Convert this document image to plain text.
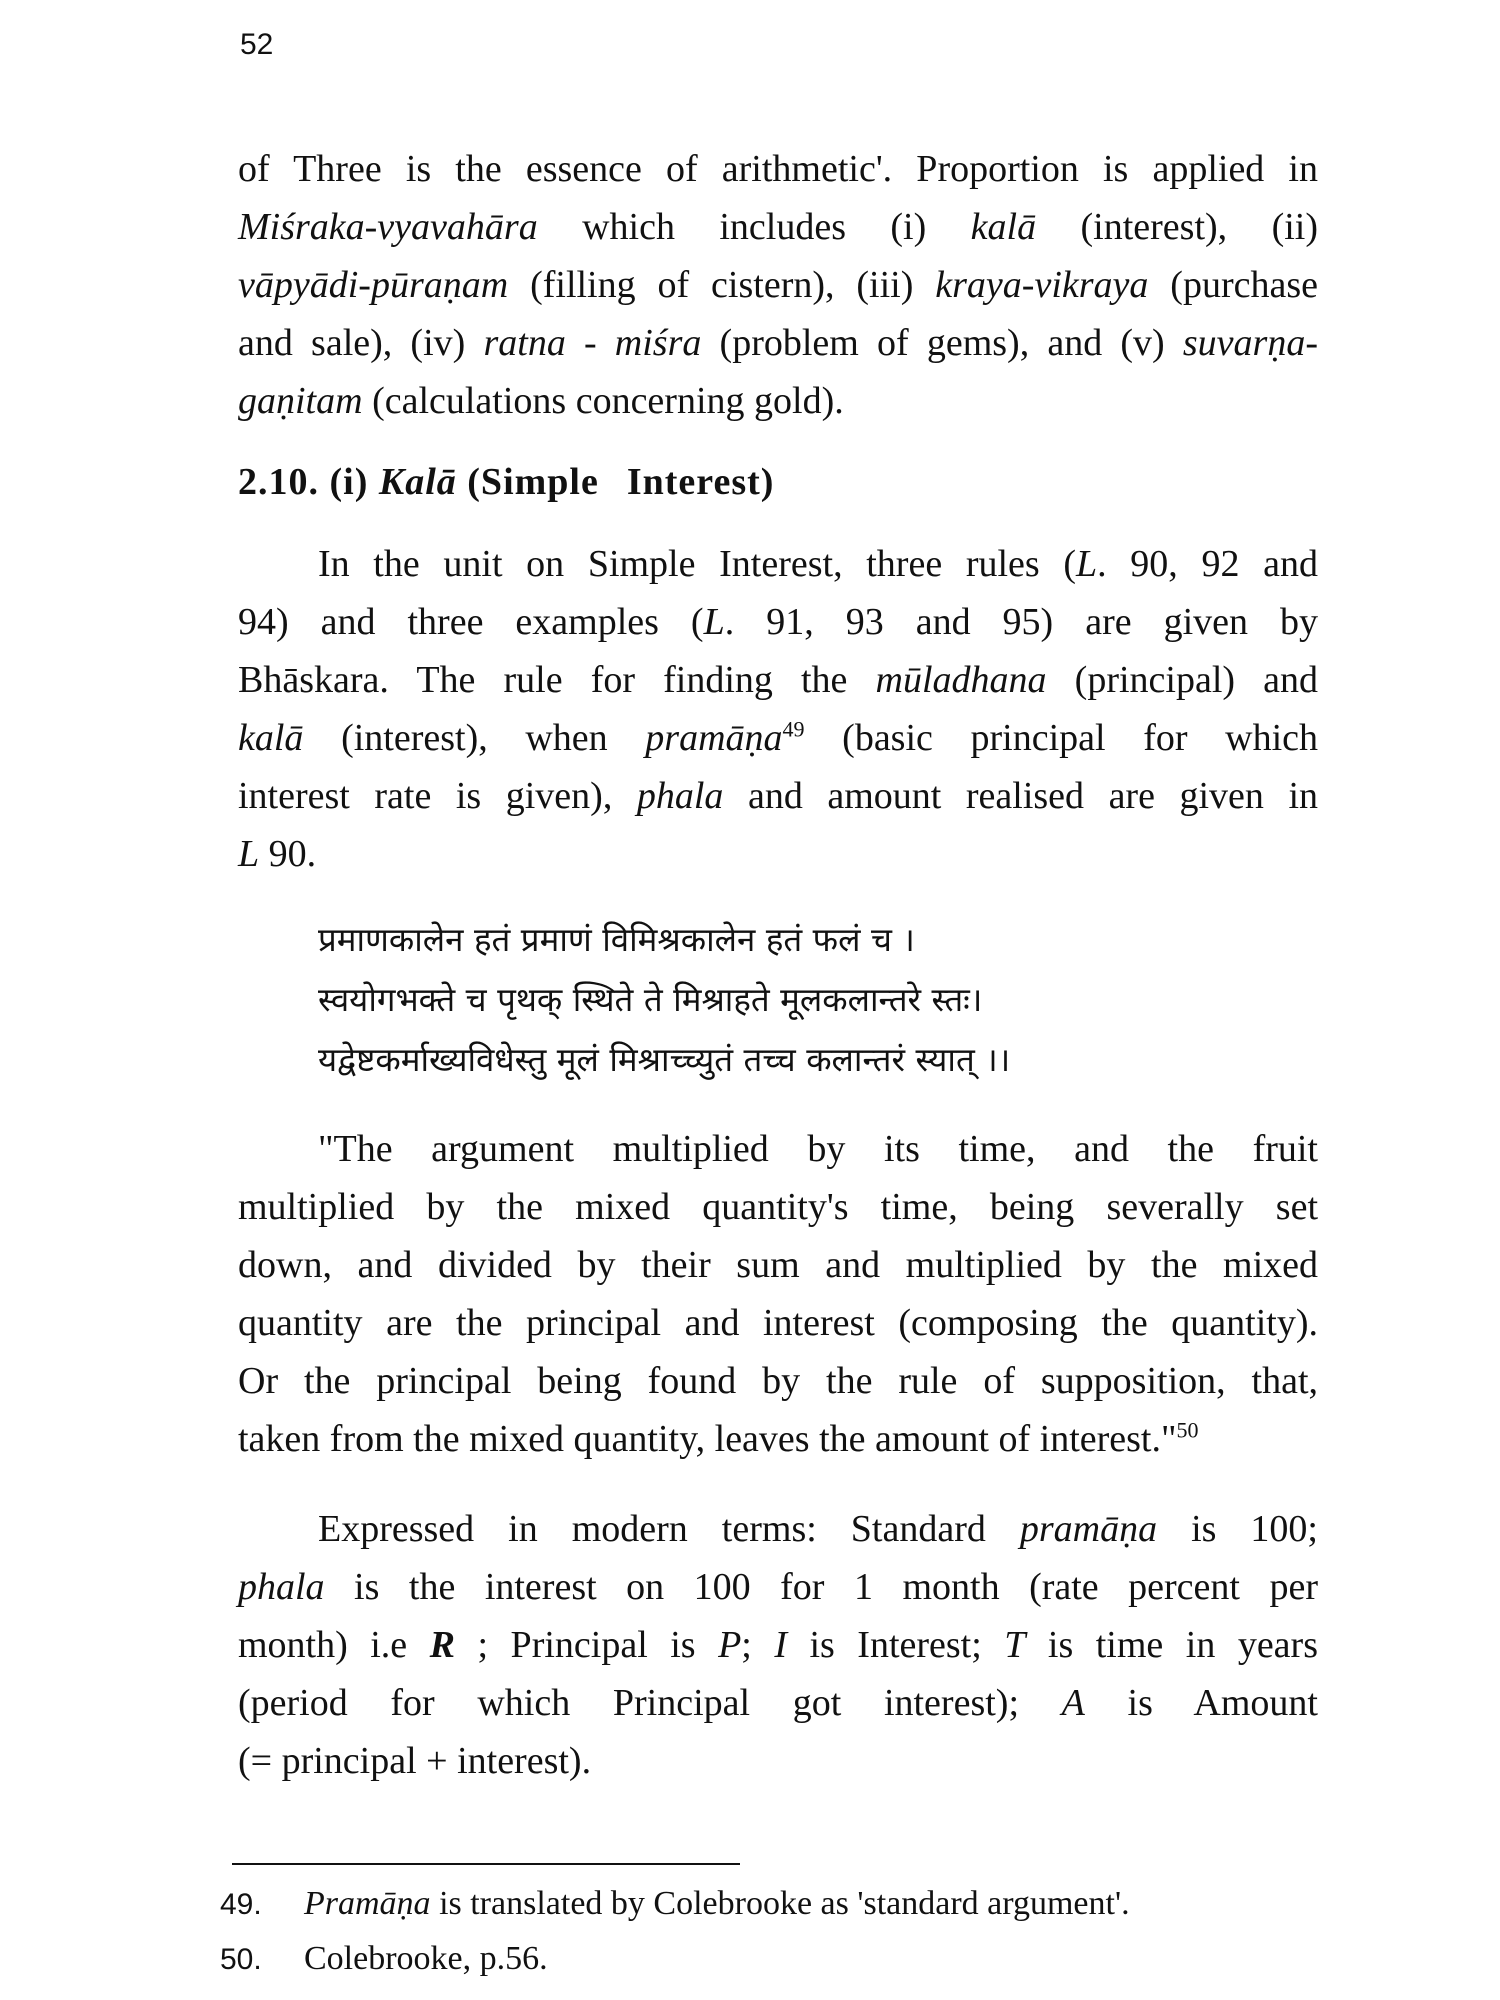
52
of Three is the essence of arithmetic'. Proportion is applied in
Miśraka-vyavahāra which includes (i) kalā (interest), (ii)
vāpyādi-pūraṇam (filling of cistern), (iii) kraya-vikraya (purchase
and sale), (iv) ratna - miśra (problem of gems), and (v) suvarṇa-
gaṇitam (calculations concerning gold).
2.10. (i) Kalā (Simple Interest)
In the unit on Simple Interest, three rules (L. 90, 92 and
94) and three examples (L. 91, 93 and 95) are given by
Bhāskara. The rule for finding the mūladhana (principal) and
kalā (interest), when pramāṇa$^{49}$ (basic principal for which
interest rate is given), phala and amount realised are given in
L 90.
प्रमाणकालेन हतं प्रमाणं विमिश्रकालेन हतं फलं च ।
स्वयोगभक्ते च पृथक् स्थिते ते मिश्राहते मूलकलान्तरे स्तः।
यद्वेष्टकर्माख्यविधेस्तु मूलं मिश्राच्च्युतं तच्च कलान्तरं स्यात् ।।
"The argument multiplied by its time, and the fruit
multiplied by the mixed quantity's time, being severally set
down, and divided by their sum and multiplied by the mixed
quantity are the principal and interest (composing the quantity).
Or the principal being found by the rule of supposition, that,
taken from the mixed quantity, leaves the amount of interest."$^{50}$
Expressed in modern terms: Standard pramāṇa is 100;
phala is the interest on 100 for 1 month (rate percent per
month) i.e R ; Principal is P; I is Interest; T is time in years
(period for which Principal got interest); A is Amount
(= principal + interest).
49. Pramāṇa is translated by Colebrooke as 'standard argument'.
50. Colebrooke, p.56.
